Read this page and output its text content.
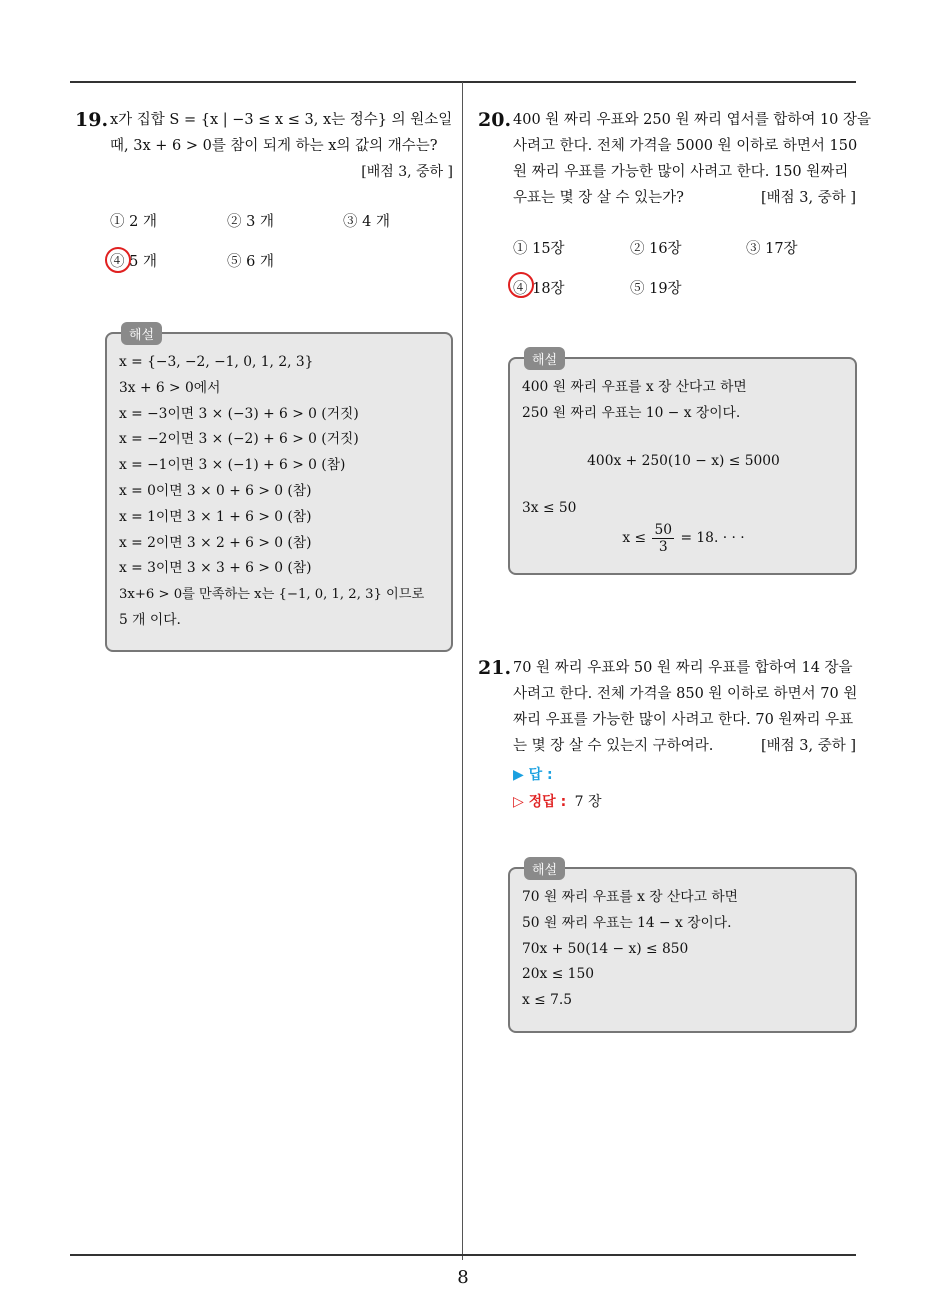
19. x가 집합 S = {x | −3 ≤ x ≤ 3, x는 정수} 의 원소일
때, 3x + 6 > 0를 참이 되게 하는 x의 값의 개수는?
[배점 3, 중하 ]
① 2 개	② 3 개	③ 4 개
④ 5 개	⑤ 6 개
해설
x = {−3, −2, −1, 0, 1, 2, 3}
3x + 6 > 0에서
x = −3이면 3 × (−3) + 6 > 0 (거짓)
x = −2이면 3 × (−2) + 6 > 0 (거짓)
x = −1이면 3 × (−1) + 6 > 0 (참)
x = 0이면 3 × 0 + 6 > 0 (참)
x = 1이면 3 × 1 + 6 > 0 (참)
x = 2이면 3 × 2 + 6 > 0 (참)
x = 3이면 3 × 3 + 6 > 0 (참)
3x+6 > 0를 만족하는 x는 {−1, 0, 1, 2, 3} 이므로
5 개 이다.
20. 400 원 짜리 우표와 250 원 짜리 엽서를 합하여 10 장을
사려고 한다. 전체 가격을 5000 원 이하로 하면서 150
원 짜리 우표를 가능한 많이 사려고 한다. 150 원짜리
우표는 몇 장 살 수 있는가?	[배점 3, 중하 ]
① 15장	② 16장	③ 17장
④ 18장	⑤ 19장
해설
400 원 짜리 우표를 x 장 산다고 하면
250 원 짜리 우표는 10 − x 장이다.
400x + 250(10 − x) ≤ 5000
3x ≤ 50
$x \le \frac{50}{3} = 18$. · · ·
21. 70 원 짜리 우표와 50 원 짜리 우표를 합하여 14 장을
사려고 한다. 전체 가격을 850 원 이하로 하면서 70 원
짜리 우표를 가능한 많이 사려고 한다. 70 원짜리 우표
는 몇 장 살 수 있는지 구하여라.	[배점 3, 중하 ]
▶ 답 :
▷ 정답 : 7 장
해설
70 원 짜리 우표를 x 장 산다고 하면
50 원 짜리 우표는 14 − x 장이다.
70x + 50(14 − x) ≤ 850
20x ≤ 150
x ≤ 7.5
8
